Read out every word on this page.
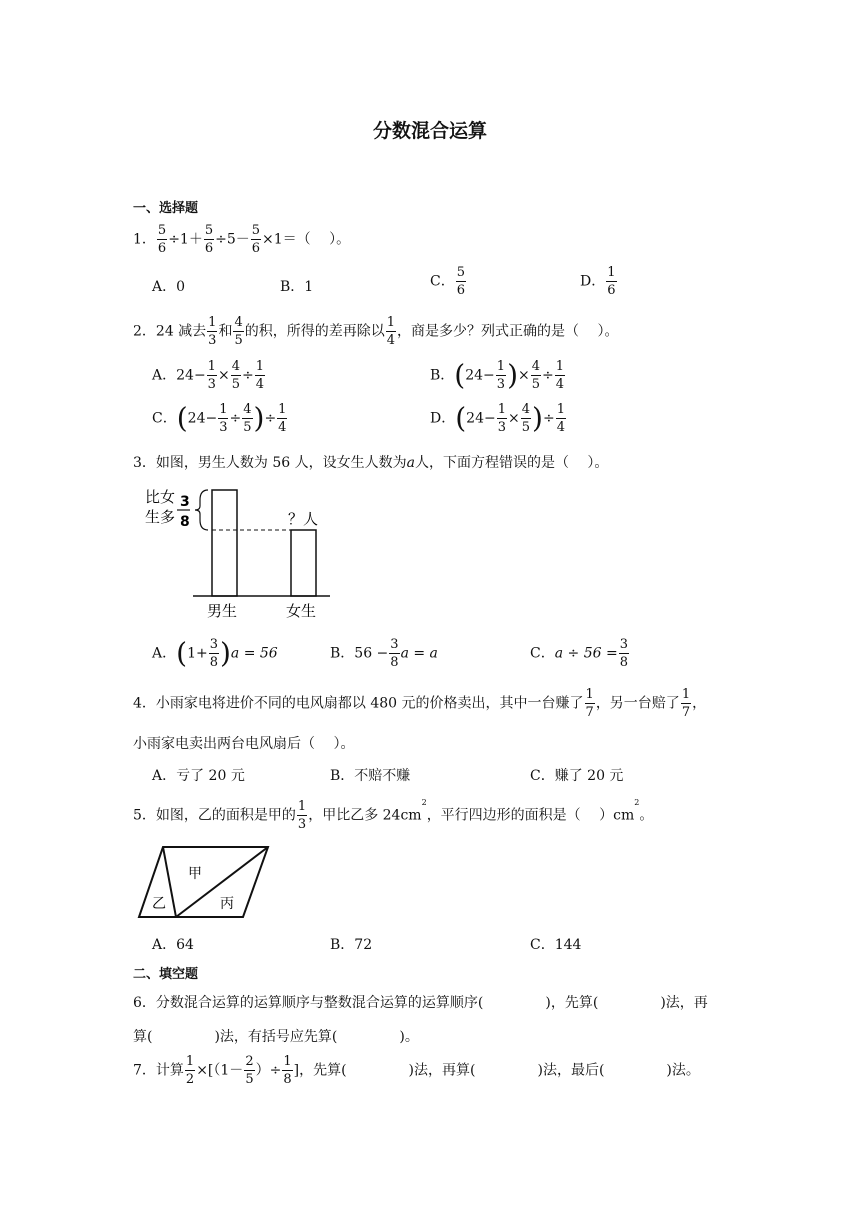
分数混合运算
一、选择题
1． $\frac{5}{6} \div 1+ \frac{5}{6} \div 5- \frac{5}{6} \times 1=$（　 ）。
A．0	B．1	C． $\frac{5}{6}$	D． $\frac{1}{6}$
2．24 减去 $\frac{1}{3}$ 和 $\frac{4}{5}$ 的积，所得的差再除以 $\frac{1}{4}$ ，商是多少？列式正确的是（　 ）。
A．$24- \frac{1}{3} \times \frac{4}{5} \div \frac{1}{4}$	B．($24- \frac{1}{3}$ )× $\frac{4}{5} \div \frac{1}{4}$
C．($24- \frac{1}{3} \div \frac{4}{5}$ )÷ $\frac{1}{4}$	D．($24- \frac{1}{3} \times \frac{4}{5}$ )÷ $\frac{1}{4}$
3．如图，男生人数为 56 人，设女生人数为a人，下面方程错误的是（　 ）。
比女
生多
3
8	？人
男生	女生
A．$(1+ \frac{3}{8} )a = 56$	B．$56 - \frac{3}{8}$ a = a	C．$a \div 56 = \frac{3}{8}$
4．小雨家电将进价不同的电风扇都以 480 元的价格卖出，其中一台赚了 $\frac{1}{7}$ ，另一台赔了 $\frac{1}{7}$ ，
小雨家电卖出两台电风扇后（　 ）。
A．亏了 20 元	B．不赔不赚	C．赚了 20 元
5．如图，乙的面积是甲的 $\frac{1}{3}$ ，甲比乙多 $24cm^2$，平行四边形的面积是（　 ）$cm^2$。
甲
乙	丙
A．64	B．72	C．144
二、填空题
6．分数混合运算的运算顺序与整数混合运算的运算顺序(	)，先算(	)法，再
算(	)法，有括号应先算(	)。
7．计算 $\frac{1}{2} \times[(1- \frac{2}{5}$ ）÷ $\frac{1}{8}$ ]，先算(	)法，再算(	)法，最后(	)法。
